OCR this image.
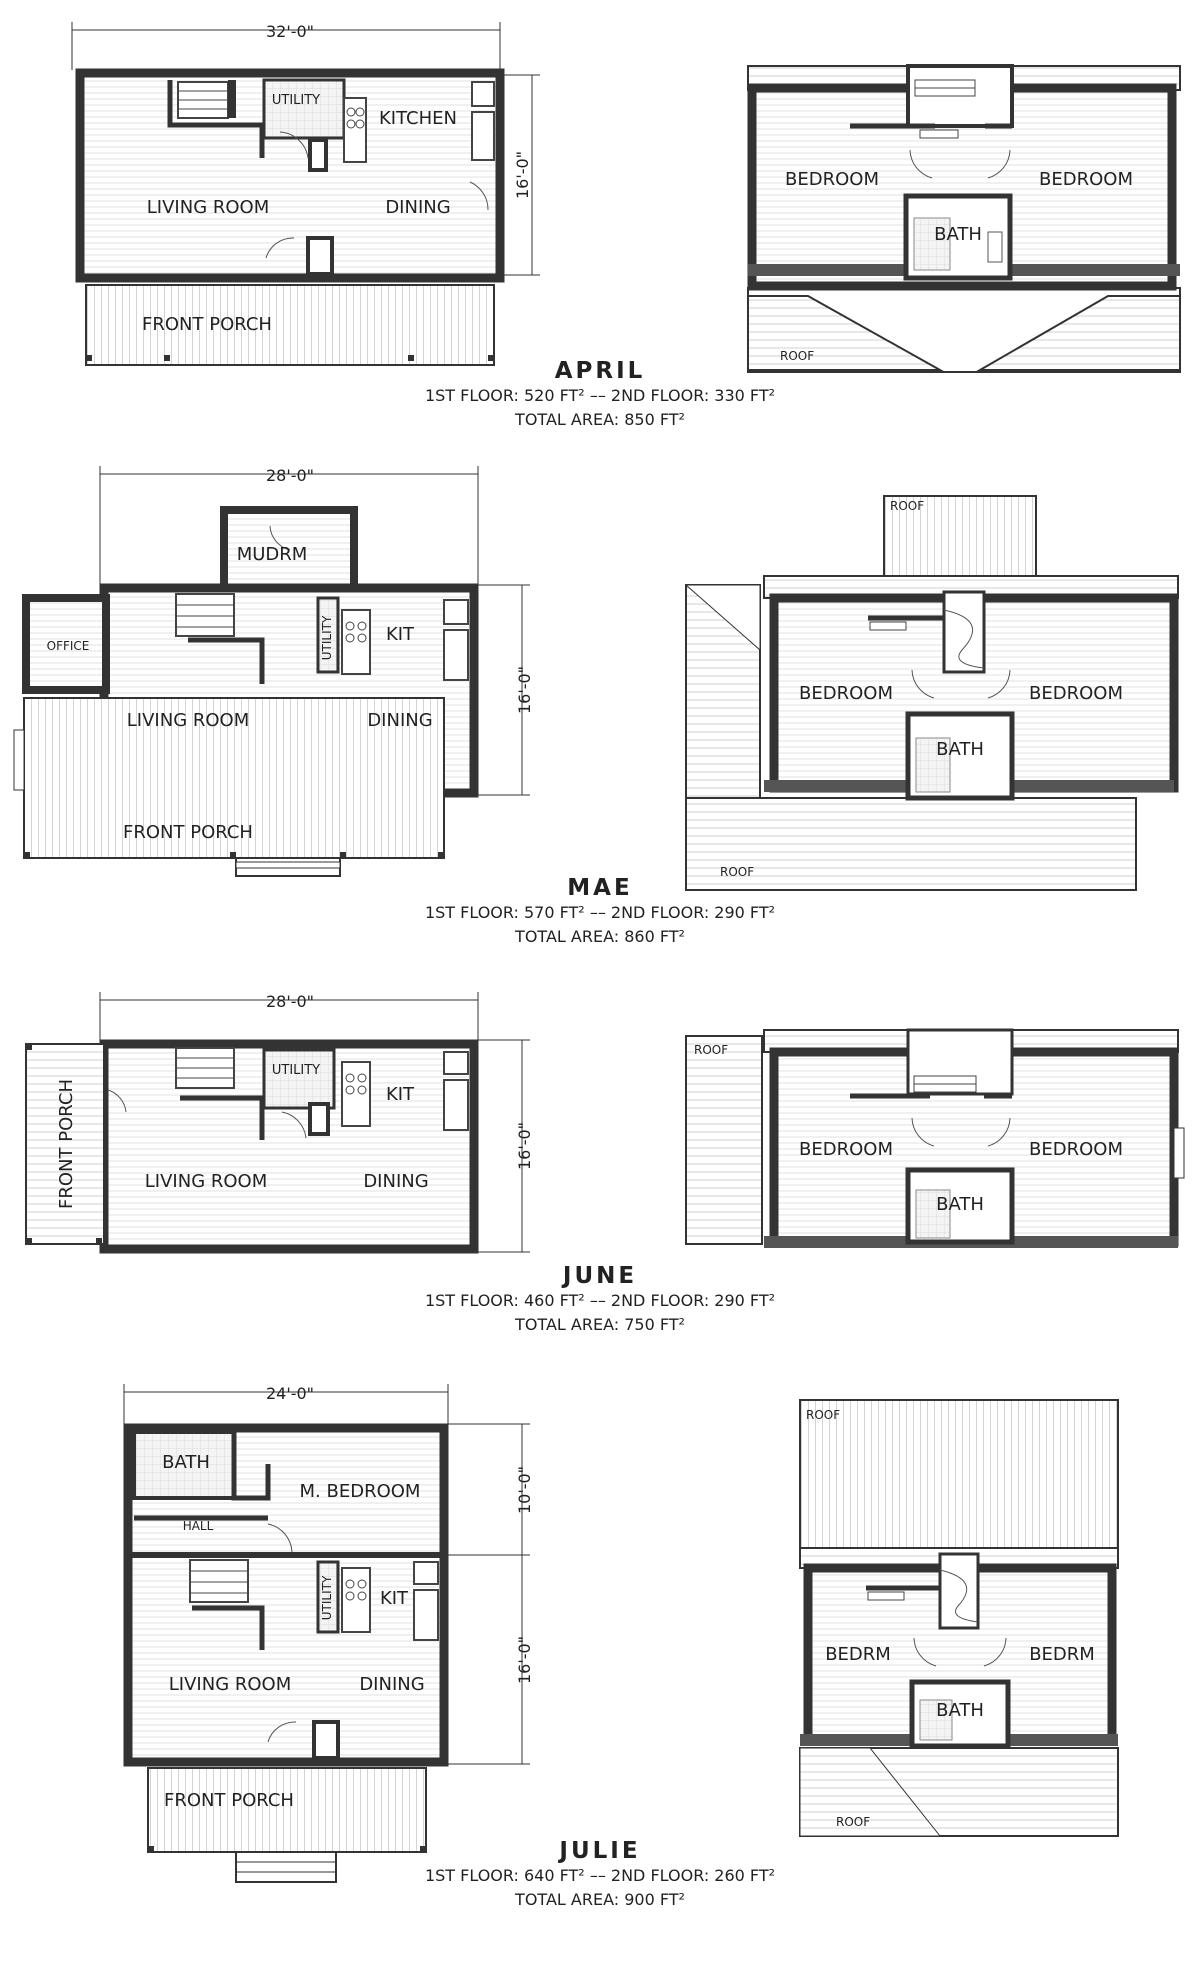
32'-0"
16'-0"
UTILITY
KITCHEN
LIVING ROOM	DINING
FRONT PORCH
BEDROOM	BEDROOM
BATH
ROOF
28'-0"
16'-0"
MUDRM
UTILITY	KIT
OFFICE
LIVING ROOM	DINING
FRONT PORCH
ROOF
BEDROOM	BEDROOM
BATH
ROOF
28'-0"
16'-0"
UTILITY
KIT
FRONT PORCH	LIVING ROOM	DINING
ROOF
BEDROOM	BEDROOM
BATH
24'-0"
10'-0"
16'-0"
BATH
M. BEDROOM
HALL
UTILITY	KIT
LIVING ROOM	DINING
FRONT PORCH
ROOF
BEDRM	BEDRM
BATH
ROOF
APRIL
1ST FLOOR: 520 FT² –– 2ND FLOOR: 330 FT²
TOTAL AREA: 850 FT²
MAE
1ST FLOOR: 570 FT² –– 2ND FLOOR: 290 FT²
TOTAL AREA: 860 FT²
JUNE
1ST FLOOR: 460 FT² –– 2ND FLOOR: 290 FT²
TOTAL AREA: 750 FT²
JULIE
1ST FLOOR: 640 FT² –– 2ND FLOOR: 260 FT²
TOTAL AREA: 900 FT²
